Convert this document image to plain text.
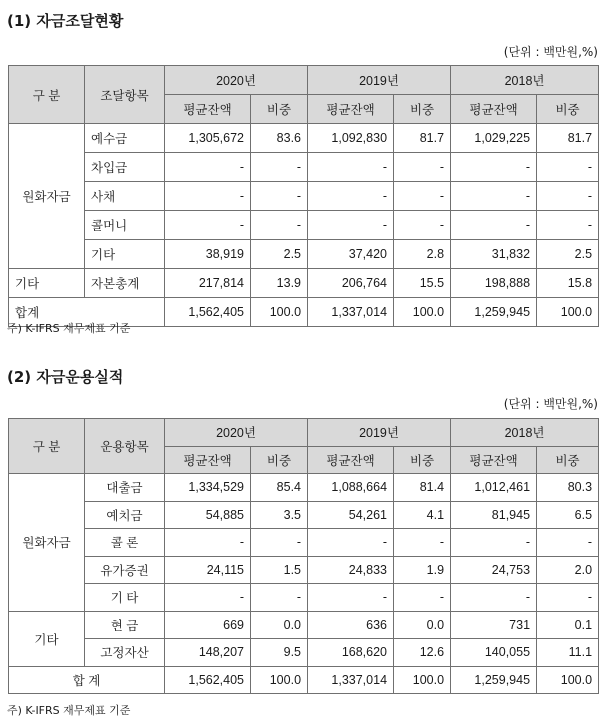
(1) 자금조달현황
(단위 : 백만원,%)
구 분	조달항목	2020년		2019년		2018년	
		평균잔액	비중	평균잔액	비중	평균잔액	비중
원화자금	예수금	1,305,672	83.6	1,092,830	81.7	1,029,225	81.7
	차입금	-	-	-	-	-	-
	사채	-	-	-	-	-	-
	콜머니	-	-	-	-	-	-
	기타	38,919	2.5	37,420	2.8	31,832	2.5
기타	자본총계	217,814	13.9	206,764	15.5	198,888	15.8
합계		1,562,405	100.0	1,337,014	100.0	1,259,945	100.0
주) K-IFRS 재무제표 기준
(2) 자금운용실적
(단위 : 백만원,%)
구 분	운용항목	2020년		2019년		2018년	
		평균잔액	비중	평균잔액	비중	평균잔액	비중
원화자금	대출금	1,334,529	85.4	1,088,664	81.4	1,012,461	80.3
	예치금	54,885	3.5	54,261	4.1	81,945	6.5
	콜 론	-	-	-	-	-	-
	유가증권	24,115	1.5	24,833	1.9	24,753	2.0
	기 타	-	-	-	-	-	-
기타	현 금	669	0.0	636	0.0	731	0.1
	고정자산	148,207	9.5	168,620	12.6	140,055	11.1
합 계		1,562,405	100.0	1,337,014	100.0	1,259,945	100.0
주) K-IFRS 재무제표 기준
